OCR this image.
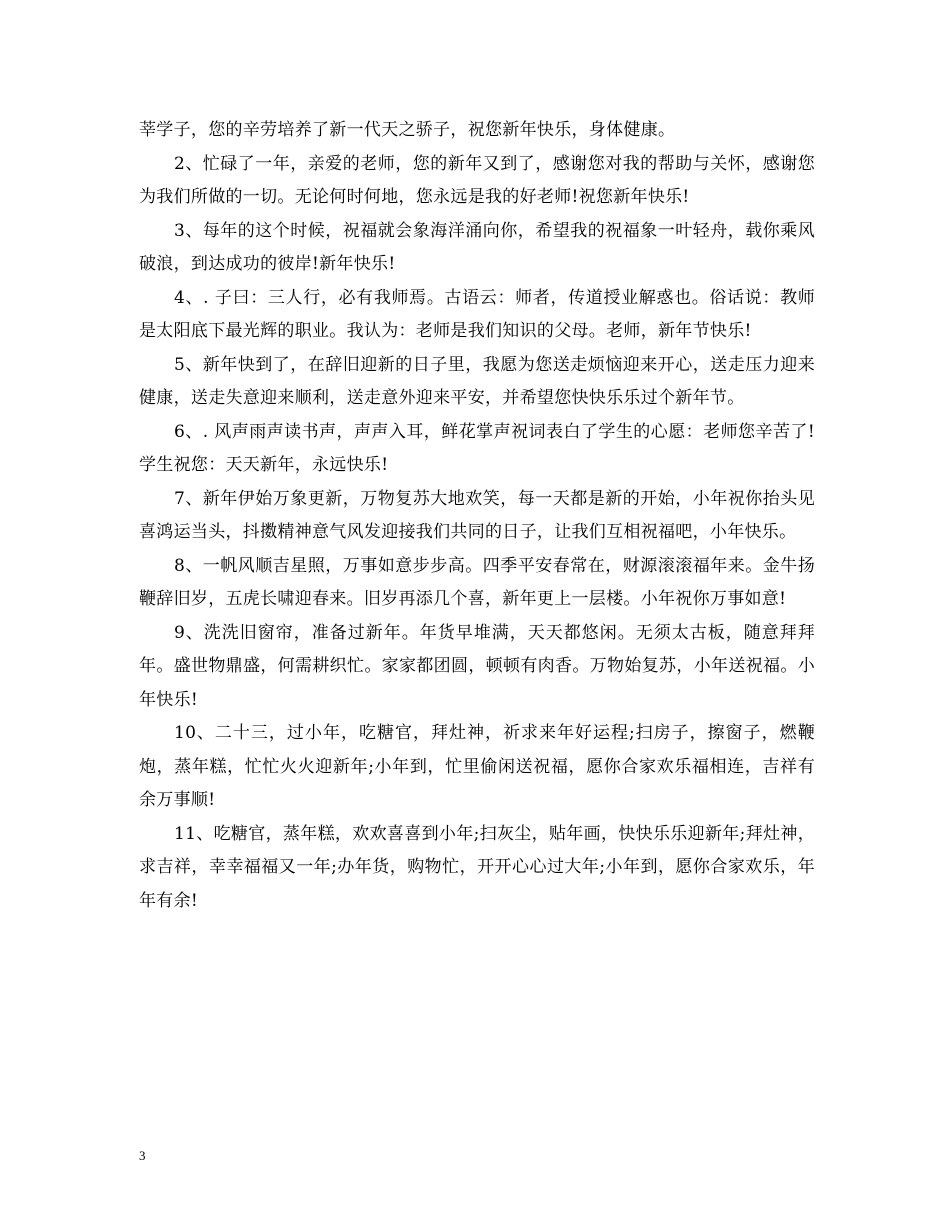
莘学子，您的辛劳培养了新一代天之骄子，祝您新年快乐，身体健康。

2、忙碌了一年，亲爱的老师，您的新年又到了，感谢您对我的帮助与关怀，感谢您为我们所做的一切。无论何时何地，您永远是我的好老师!祝您新年快乐!

3、每年的这个时候，祝福就会象海洋涌向你，希望我的祝福象一叶轻舟，载你乘风破浪，到达成功的彼岸!新年快乐!

4、. 子曰：三人行，必有我师焉。古语云：师者，传道授业解惑也。俗话说：教师是太阳底下最光辉的职业。我认为：老师是我们知识的父母。老师，新年节快乐!

5、新年快到了，在辞旧迎新的日子里，我愿为您送走烦恼迎来开心，送走压力迎来健康，送走失意迎来顺利，送走意外迎来平安，并希望您快快乐乐过个新年节。

6、. 风声雨声读书声，声声入耳，鲜花掌声祝词表白了学生的心愿：老师您辛苦了!学生祝您：天天新年，永远快乐!

7、新年伊始万象更新，万物复苏大地欢笑，每一天都是新的开始，小年祝你抬头见喜鸿运当头，抖擞精神意气风发迎接我们共同的日子，让我们互相祝福吧，小年快乐。

8、一帆风顺吉星照，万事如意步步高。四季平安春常在，财源滚滚福年来。金牛扬鞭辞旧岁，五虎长啸迎春来。旧岁再添几个喜，新年更上一层楼。小年祝你万事如意!

9、洗洗旧窗帘，准备过新年。年货早堆满，天天都悠闲。无须太古板，随意拜拜年。盛世物鼎盛，何需耕织忙。家家都团圆，顿顿有肉香。万物始复苏，小年送祝福。小年快乐!

10、二十三，过小年，吃糖官，拜灶神，祈求来年好运程;扫房子，擦窗子，燃鞭炮，蒸年糕，忙忙火火迎新年;小年到，忙里偷闲送祝福，愿你合家欢乐福相连，吉祥有余万事顺!

11、吃糖官，蒸年糕，欢欢喜喜到小年;扫灰尘，贴年画，快快乐乐迎新年;拜灶神，求吉祥，幸幸福福又一年;办年货，购物忙，开开心心过大年;小年到，愿你合家欢乐，年年有余!

3
